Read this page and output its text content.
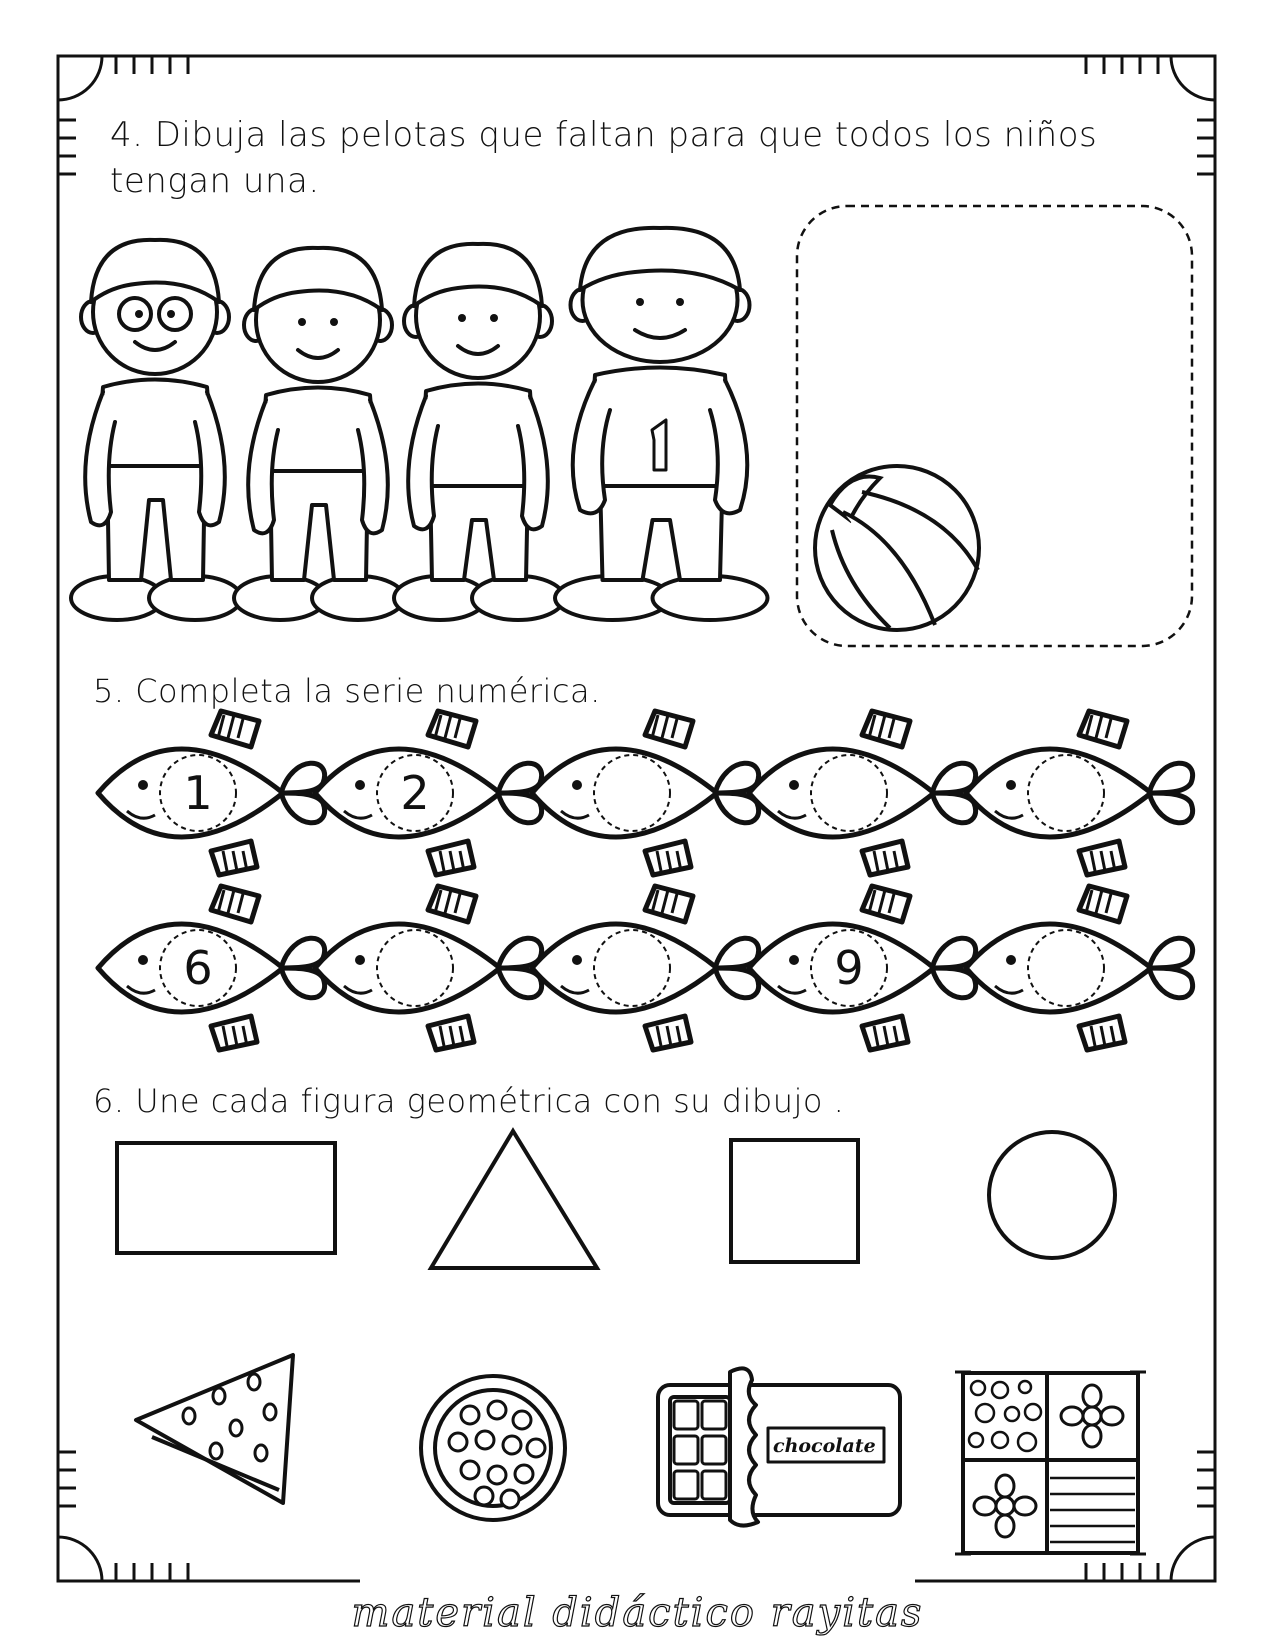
1	2
6	9
chocolate
4. Dibuja las pelotas que faltan para que todos los niños tengan una.
5. Completa la serie numérica.
6. Une cada figura geométrica con su dibujo .
material didáctico rayitas
